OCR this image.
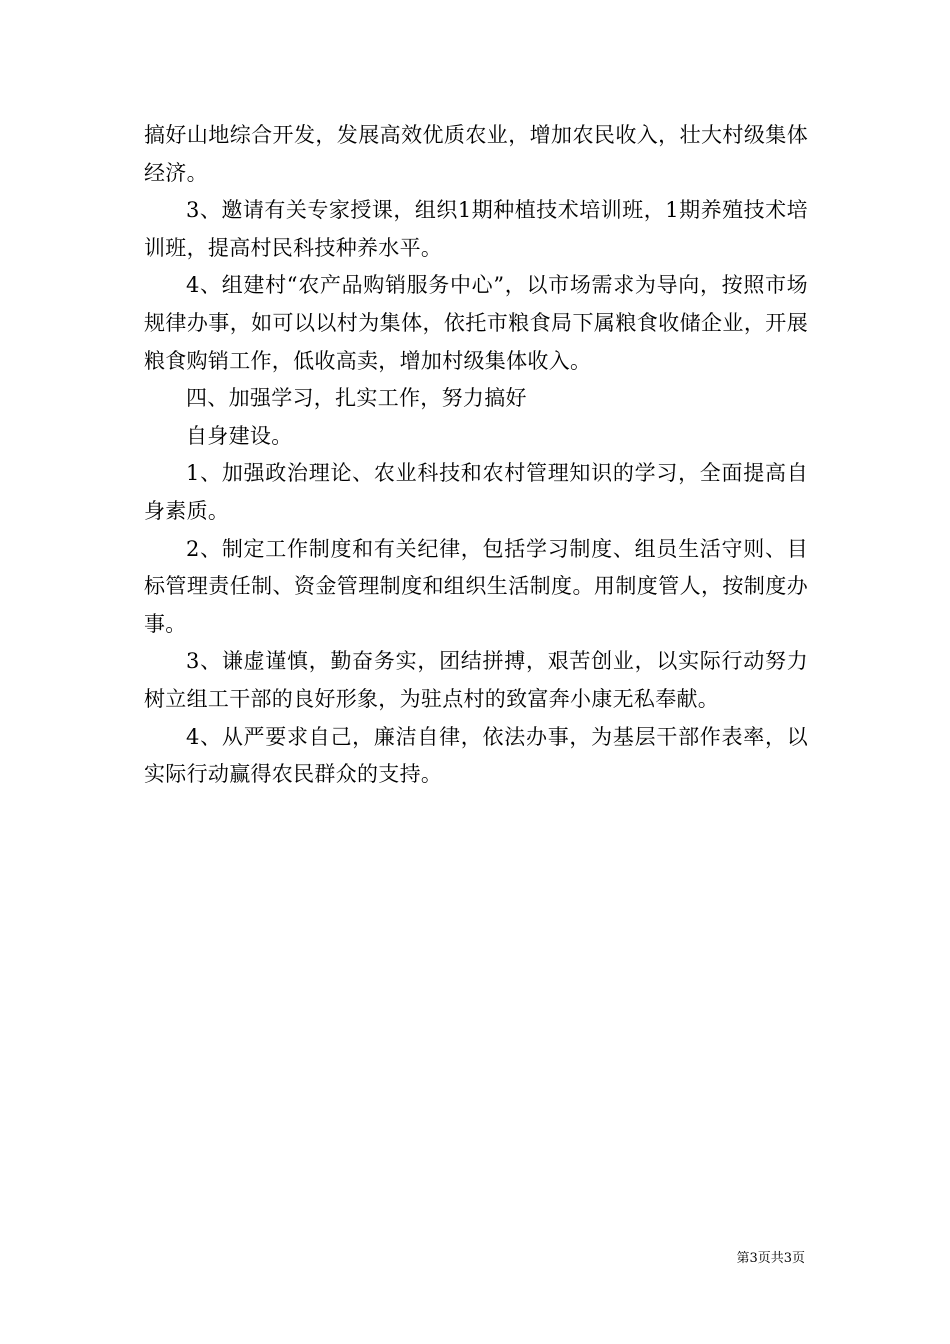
搞好山地综合开发，发展高效优质农业，增加农民收入，壮大村级集体经济。

3、邀请有关专家授课，组织1期种植技术培训班，1期养殖技术培训班，提高村民科技种养水平。

4、组建村“农产品购销服务中心”，以市场需求为导向，按照市场规律办事，如可以以村为集体，依托市粮食局下属粮食收储企业，开展粮食购销工作，低收高卖，增加村级集体收入。

四、加强学习，扎实工作，努力搞好

自身建设。

1、加强政治理论、农业科技和农村管理知识的学习，全面提高自身素质。

2、制定工作制度和有关纪律，包括学习制度、组员生活守则、目标管理责任制、资金管理制度和组织生活制度。用制度管人，按制度办事。

3、谦虚谨慎，勤奋务实，团结拼搏，艰苦创业，以实际行动努力树立组工干部的良好形象，为驻点村的致富奔小康无私奉献。

4、从严要求自己，廉洁自律，依法办事，为基层干部作表率，以实际行动赢得农民群众的支持。

第3页共3页
